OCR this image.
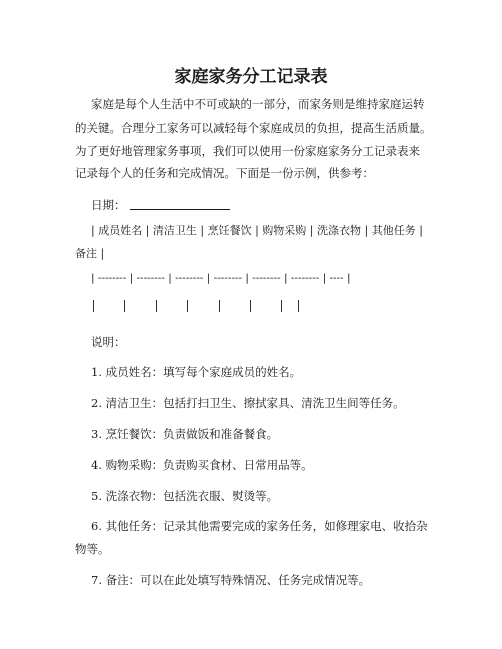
家庭家务分工记录表

家庭是每个人生活中不可或缺的一部分，而家务则是维持家庭运转

的关键。合理分工家务可以减轻每个家庭成员的负担，提高生活质量。

为了更好地管理家务事项，我们可以使用一份家庭家务分工记录表来

记录每个人的任务和完成情况。下面是一份示例，供参考：

日期：

| 成员姓名 | 清洁卫生 | 烹饪餐饮 | 购物采购 | 洗涤衣物 | 其他任务 |

备注 |

| -------- | -------- | -------- | -------- | -------- | -------- | ---- |

说明：

1. 成员姓名：填写每个家庭成员的姓名。

2. 清洁卫生：包括打扫卫生、擦拭家具、清洗卫生间等任务。

3. 烹饪餐饮：负责做饭和准备餐食。

4. 购物采购：负责购买食材、日常用品等。

5. 洗涤衣物：包括洗衣服、熨烫等。

6. 其他任务：记录其他需要完成的家务任务，如修理家电、收拾杂

物等。

7. 备注：可以在此处填写特殊情况、任务完成情况等。
